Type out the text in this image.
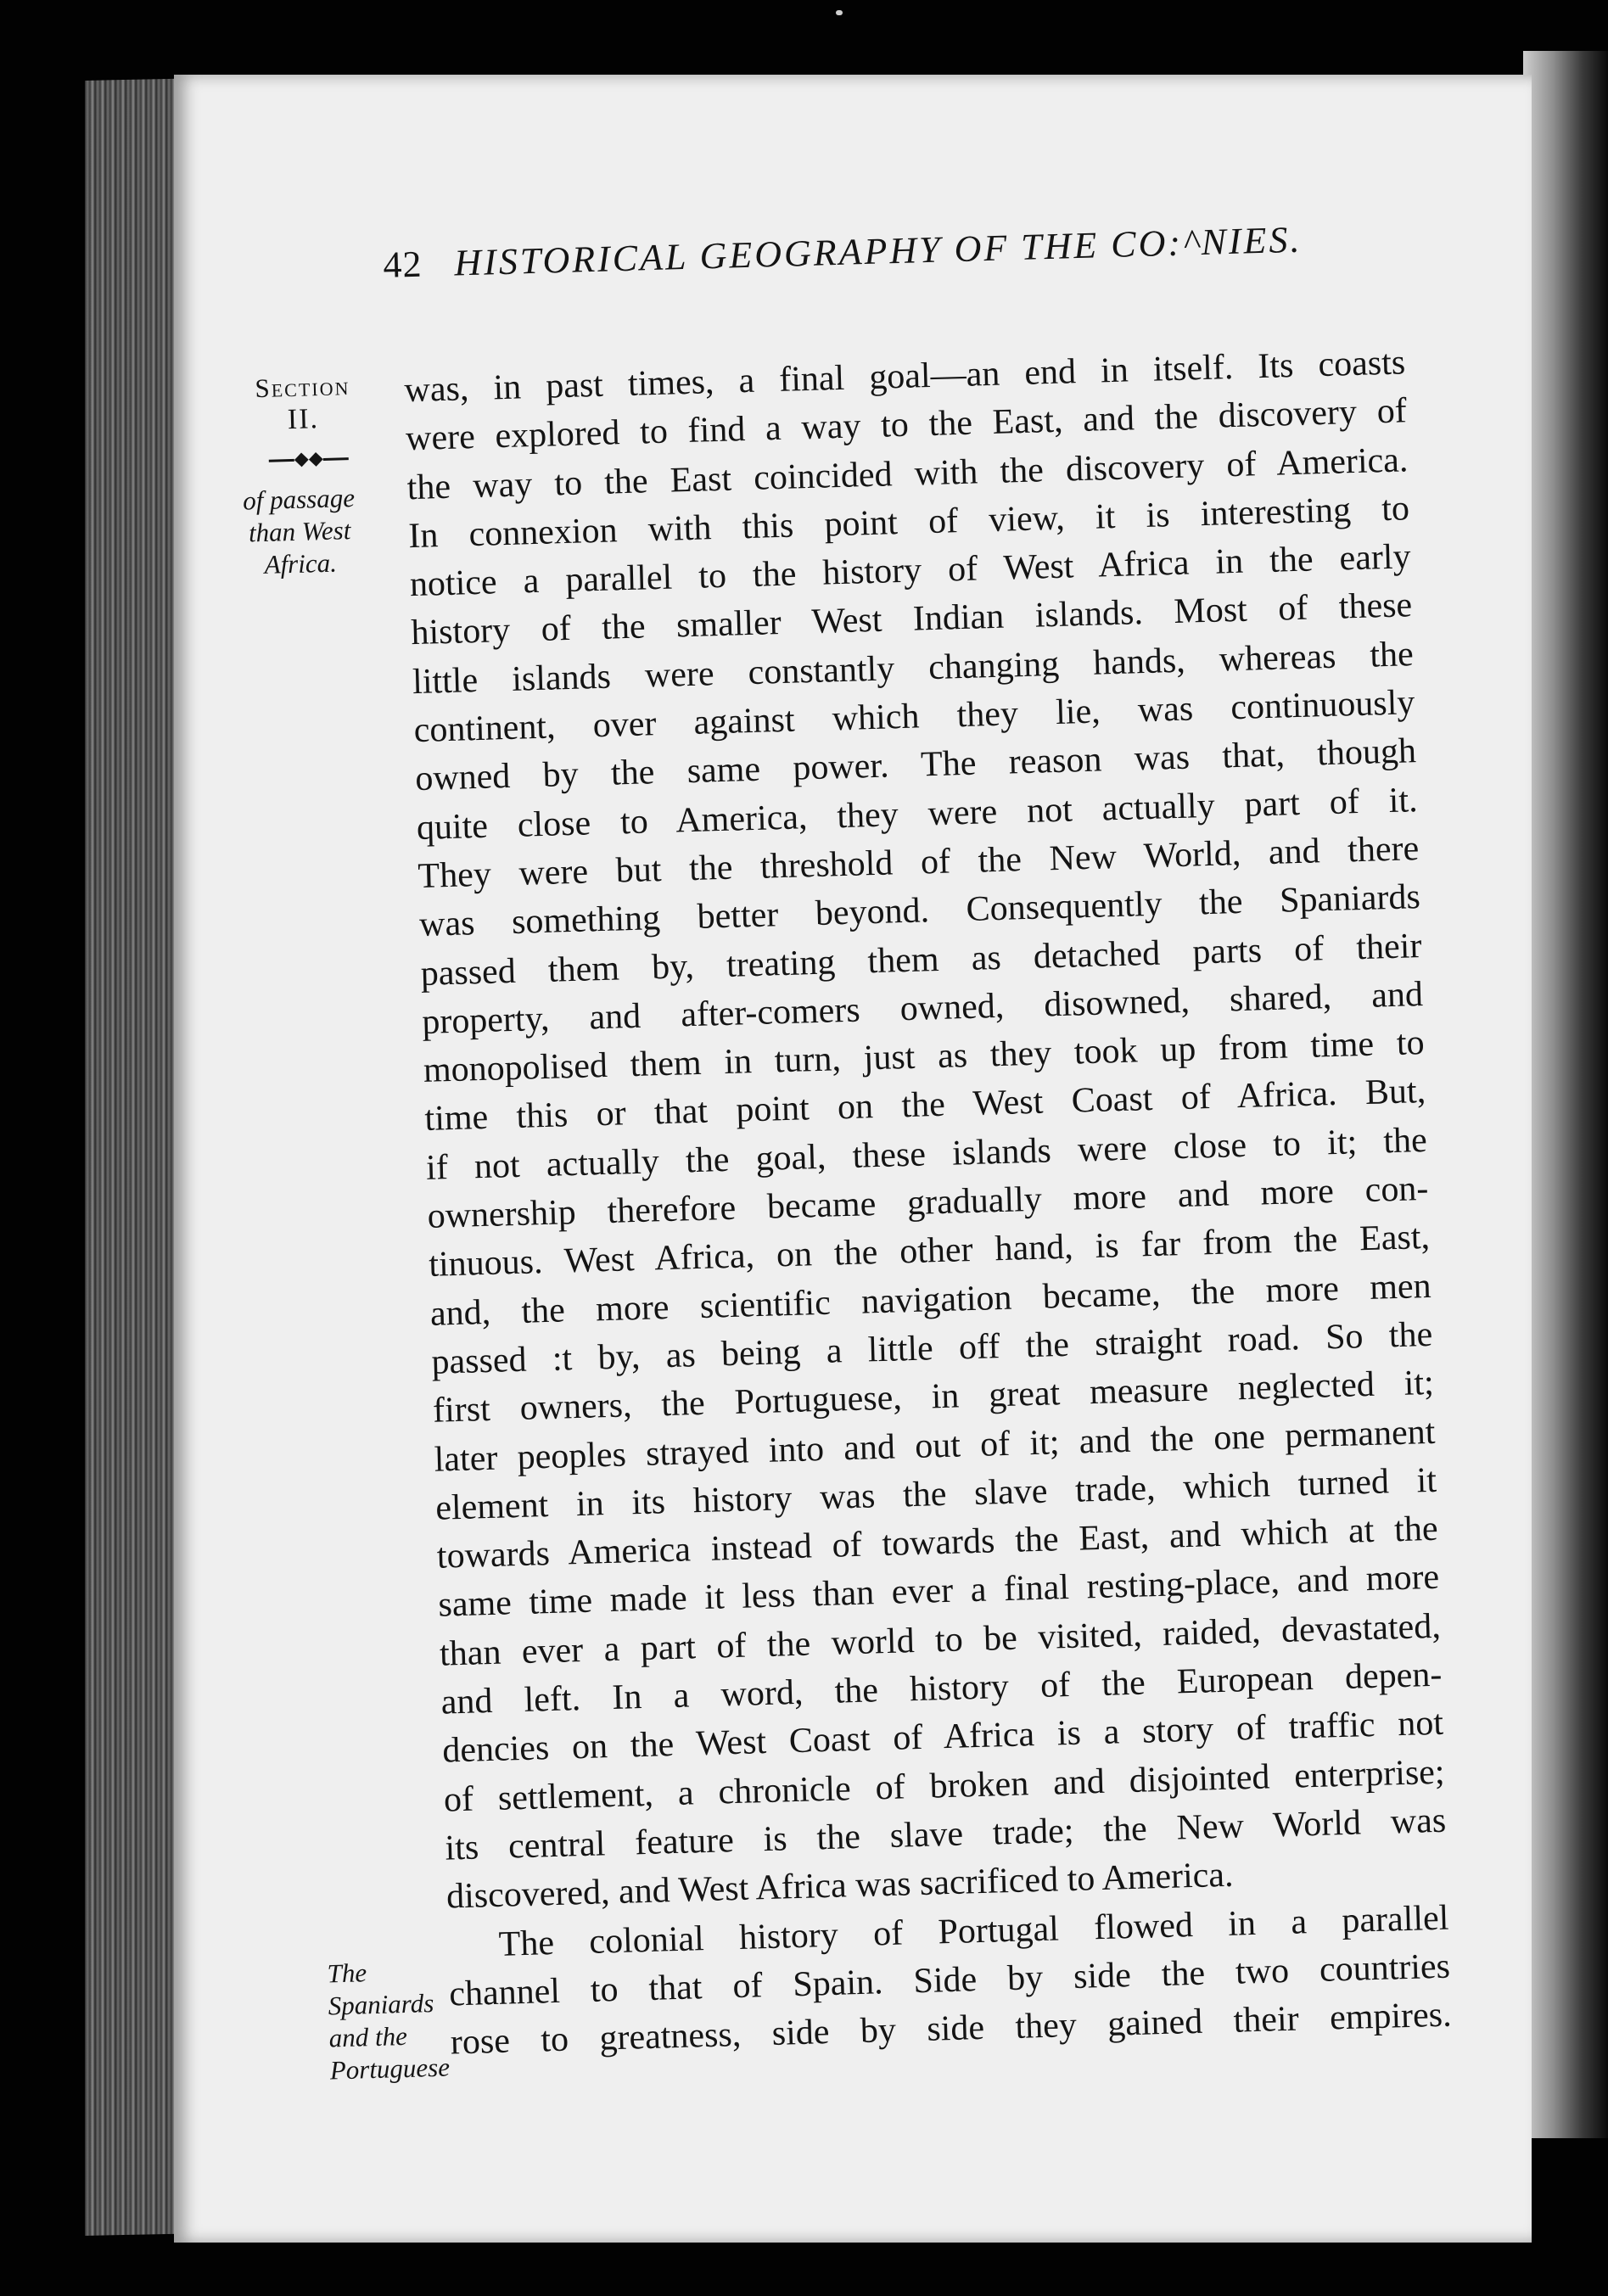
42 HISTORICAL GEOGRAPHY OF THE CO:^NIES.
Section
II.
◆◆
of passage
than West
Africa.
The
Spaniards
and the
Portuguese
was, in past times, a final goal—an end in itself. Its coasts
were explored to find a way to the East, and the discovery of
the way to the East coincided with the discovery of America.
In connexion with this point of view, it is interesting to
notice a parallel to the history of West Africa in the early
history of the smaller West Indian islands. Most of these
little islands were constantly changing hands, whereas the
continent, over against which they lie, was continuously
owned by the same power. The reason was that, though
quite close to America, they were not actually part of it.
They were but the threshold of the New World, and there
was something better beyond. Consequently the Spaniards
passed them by, treating them as detached parts of their
property, and after-comers owned, disowned, shared, and
monopolised them in turn, just as they took up from time to
time this or that point on the West Coast of Africa. But,
if not actually the goal, these islands were close to it; the
ownership therefore became gradually more and more con-
tinuous. West Africa, on the other hand, is far from the East,
and, the more scientific navigation became, the more men
passed :t by, as being a little off the straight road. So the
first owners, the Portuguese, in great measure neglected it;
later peoples strayed into and out of it; and the one permanent
element in its history was the slave trade, which turned it
towards America instead of towards the East, and which at the
same time made it less than ever a final resting-place, and more
than ever a part of the world to be visited, raided, devastated,
and left. In a word, the history of the European depen-
dencies on the West Coast of Africa is a story of traffic not
of settlement, a chronicle of broken and disjointed enterprise;
its central feature is the slave trade; the New World was
discovered, and West Africa was sacrificed to America.
The colonial history of Portugal flowed in a parallel
channel to that of Spain. Side by side the two countries
rose to greatness, side by side they gained their empires.
